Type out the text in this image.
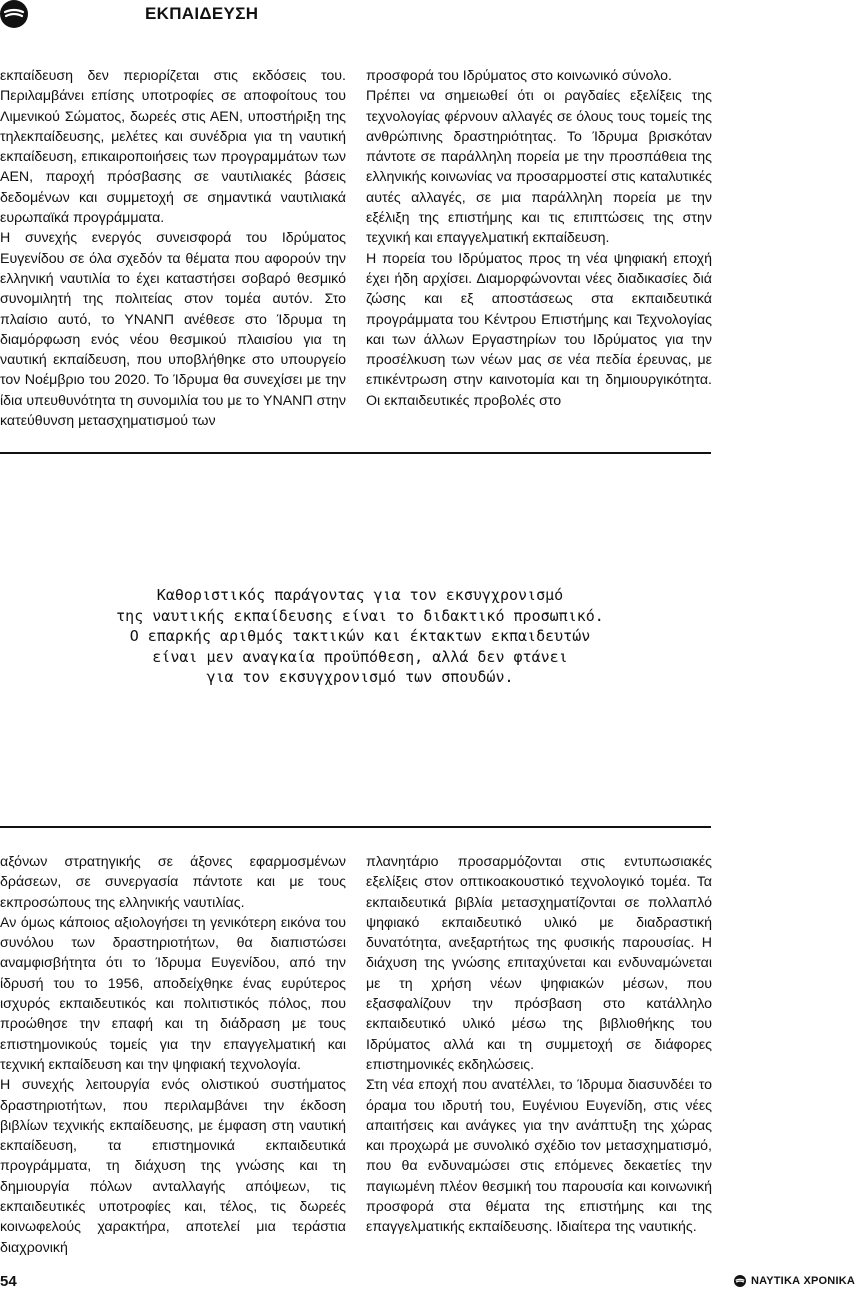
ΕΚΠΑΙΔΕΥΣΗ

εκπαίδευση δεν περιορίζεται στις εκδόσεις του. Περιλαμβάνει επίσης υποτροφίες σε αποφοίτους του Λιμενικού Σώματος, δωρεές στις ΑΕΝ, υποστήριξη της τηλεκπαίδευσης, μελέτες και συνέδρια για τη ναυτική εκπαίδευση, επικαιροποιήσεις των προγραμμάτων των ΑΕΝ, παροχή πρόσβασης σε ναυτιλιακές βάσεις δεδομένων και συμμετοχή σε σημαντικά ναυτιλιακά ευρωπαϊκά προγράμματα.

Η συνεχής ενεργός συνεισφορά του Ιδρύματος Ευγενίδου σε όλα σχεδόν τα θέματα που αφορούν την ελληνική ναυτιλία το έχει καταστήσει σοβαρό θεσμικό συνομιλητή της πολιτείας στον τομέα αυτόν. Στο πλαίσιο αυτό, το ΥΝΑΝΠ ανέθεσε στο Ίδρυμα τη διαμόρφωση ενός νέου θεσμικού πλαισίου για τη ναυτική εκπαίδευση, που υποβλήθηκε στο υπουργείο τον Νοέμβριο του 2020. Το Ίδρυμα θα συνεχίσει με την ίδια υπευθυνότητα τη συνομιλία του με το ΥΝΑΝΠ στην κατεύθυνση μετασχηματισμού των

προσφορά του Ιδρύματος στο κοινωνικό σύνολο.

Πρέπει να σημειωθεί ότι οι ραγδαίες εξελίξεις της τεχνολογίας φέρνουν αλλαγές σε όλους τους τομείς της ανθρώπινης δραστηριότητας. Το Ίδρυμα βρισκόταν πάντοτε σε παράλληλη πορεία με την προσπάθεια της ελληνικής κοινωνίας να προσαρμοστεί στις καταλυτικές αυτές αλλαγές, σε μια παράλληλη πορεία με την εξέλιξη της επιστήμης και τις επιπτώσεις της στην τεχνική και επαγγελματική εκπαίδευση.

Η πορεία του Ιδρύματος προς τη νέα ψηφιακή εποχή έχει ήδη αρχίσει. Διαμορφώνονται νέες διαδικασίες διά ζώσης και εξ αποστάσεως στα εκπαιδευτικά προγράμματα του Κέντρου Επιστήμης και Τεχνολογίας και των άλλων Εργαστηρίων του Ιδρύματος για την προσέλκυση των νέων μας σε νέα πεδία έρευνας, με επικέντρωση στην καινοτομία και τη δημιουργικότητα. Οι εκπαιδευτικές προβολές στο

Καθοριστικός παράγοντας για τον εκσυγχρονισμό
της ναυτικής εκπαίδευσης είναι το διδακτικό προσωπικό.
Ο επαρκής αριθμός τακτικών και έκτακτων εκπαιδευτών
είναι μεν αναγκαία προϋπόθεση, αλλά δεν φτάνει
για τον εκσυγχρονισμό των σπουδών.

αξόνων στρατηγικής σε άξονες εφαρμοσμένων δράσεων, σε συνεργασία πάντοτε και με τους εκπροσώπους της ελληνικής ναυτιλίας.

Αν όμως κάποιος αξιολογήσει τη γενικότερη εικόνα του συνόλου των δραστηριοτήτων, θα διαπιστώσει αναμφισβήτητα ότι το Ίδρυμα Ευγενίδου, από την ίδρυσή του το 1956, αποδείχθηκε ένας ευρύτερος ισχυρός εκπαιδευτικός και πολιτιστικός πόλος, που προώθησε την επαφή και τη διάδραση με τους επιστημονικούς τομείς για την επαγγελματική και τεχνική εκπαίδευση και την ψηφιακή τεχνολογία.

Η συνεχής λειτουργία ενός ολιστικού συστήματος δραστηριοτήτων, που περιλαμβάνει την έκδοση βιβλίων τεχνικής εκπαίδευσης, με έμφαση στη ναυτική εκπαίδευση, τα επιστημονικά εκπαιδευτικά προγράμματα, τη διάχυση της γνώσης και τη δημιουργία πόλων ανταλλαγής απόψεων, τις εκπαιδευτικές υποτροφίες και, τέλος, τις δωρεές κοινωφελούς χαρακτήρα, αποτελεί μια τεράστια διαχρονική

πλανητάριο προσαρμόζονται στις εντυπωσιακές εξελίξεις στον οπτικοακουστικό τεχνολογικό τομέα. Τα εκπαιδευτικά βιβλία μετασχηματίζονται σε πολλαπλό ψηφιακό εκπαιδευτικό υλικό με διαδραστική δυνατότητα, ανεξαρτήτως της φυσικής παρουσίας. Η διάχυση της γνώσης επιταχύνεται και ενδυναμώνεται με τη χρήση νέων ψηφιακών μέσων, που εξασφαλίζουν την πρόσβαση στο κατάλληλο εκπαιδευτικό υλικό μέσω της βιβλιοθήκης του Ιδρύματος αλλά και τη συμμετοχή σε διάφορες επιστημονικές εκδηλώσεις.

Στη νέα εποχή που ανατέλλει, το Ίδρυμα διασυνδέει το όραμα του ιδρυτή του, Ευγένιου Ευγενίδη, στις νέες απαιτήσεις και ανάγκες για την ανάπτυξη της χώρας και προχωρά με συνολικό σχέδιο τον μετασχηματισμό, που θα ενδυναμώσει στις επόμενες δεκαετίες την παγιωμένη πλέον θεσμική του παρουσία και κοινωνική προσφορά στα θέματα της επιστήμης και της επαγγελματικής εκπαίδευσης. Ιδιαίτερα της ναυτικής.

54	ΝΑΥΤΙΚΑ ΧΡΟΝΙΚΑ
